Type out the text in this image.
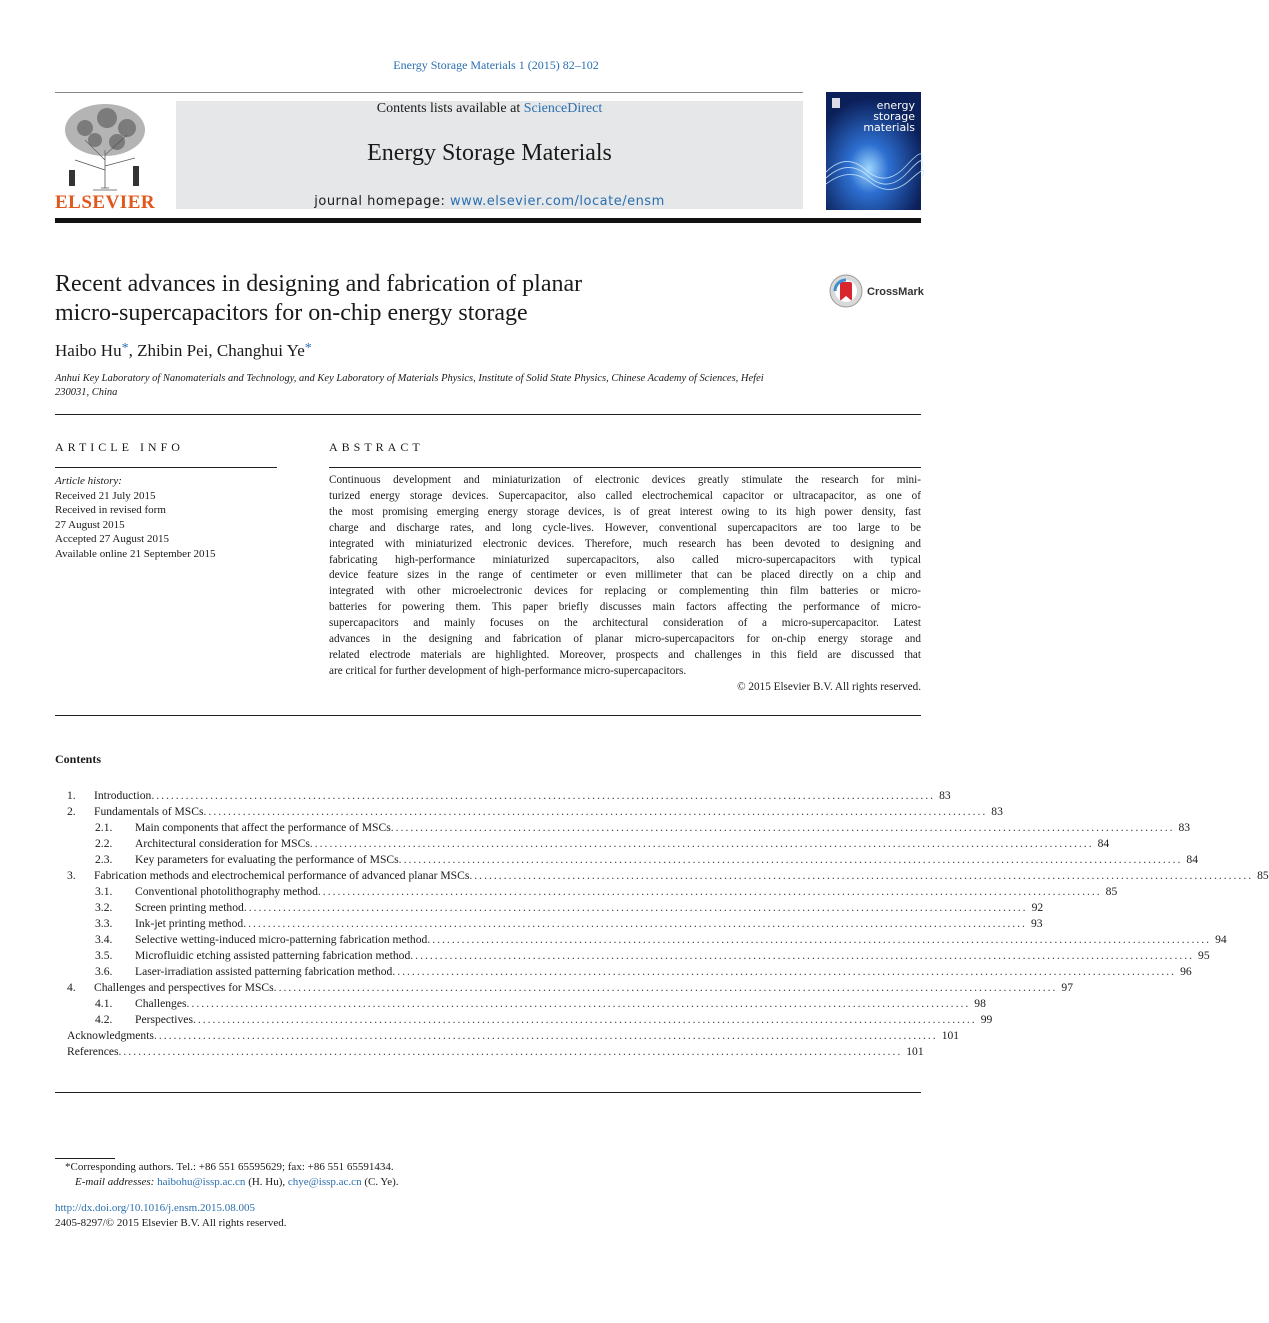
Energy Storage Materials 1 (2015) 82–102
ELSEVIER
Contents lists available at ScienceDirect
Energy Storage Materials
journal homepage: www.elsevier.com/locate/ensm
energy
storage
materials
Recent advances in designing and fabrication of planar
micro-supercapacitors for on-chip energy storage
CrossMark
Haibo Hu*, Zhibin Pei, Changhui Ye*
Anhui Key Laboratory of Nanomaterials and Technology, and Key Laboratory of Materials Physics, Institute of Solid State Physics, Chinese Academy of Sciences, Hefei 230031, China
ARTICLE INFO
Article history:
Received 21 July 2015
Received in revised form
27 August 2015
Accepted 27 August 2015
Available online 21 September 2015
ABSTRACT
Continuous development and miniaturization of electronic devices greatly stimulate the research for mini-
turized energy storage devices. Supercapacitor, also called electrochemical capacitor or ultracapacitor, as one of
the most promising emerging energy storage devices, is of great interest owing to its high power density, fast
charge and discharge rates, and long cycle-lives. However, conventional supercapacitors are too large to be
integrated with miniaturized electronic devices. Therefore, much research has been devoted to designing and
fabricating high-performance miniaturized supercapacitors, also called micro-supercapacitors with typical
device feature sizes in the range of centimeter or even millimeter that can be placed directly on a chip and
integrated with other microelectronic devices for replacing or complementing thin film batteries or micro-
batteries for powering them. This paper briefly discusses main factors affecting the performance of micro-
supercapacitors and mainly focuses on the architectural consideration of a micro-supercapacitor. Latest
advances in the designing and fabrication of planar micro-supercapacitors for on-chip energy storage and
related electrode materials are highlighted. Moreover, prospects and challenges in this field are discussed that
are critical for further development of high-performance micro-supercapacitors.
© 2015 Elsevier B.V. All rights reserved.
Contents
1. Introduction ................................................................................................................................................................ 83
2. Fundamentals of MSCs ................................................................................................................................................................ 83
2.1. Main components that affect the performance of MSCs ................................................................................................................................................................ 83
2.2. Architectural consideration for MSCs ................................................................................................................................................................ 84
2.3. Key parameters for evaluating the performance of MSCs ................................................................................................................................................................ 84
3. Fabrication methods and electrochemical performance of advanced planar MSCs ................................................................................................................................................................ 85
3.1. Conventional photolithography method ................................................................................................................................................................ 85
3.2. Screen printing method ................................................................................................................................................................ 92
3.3. Ink-jet printing method ................................................................................................................................................................ 93
3.4. Selective wetting-induced micro-patterning fabrication method ................................................................................................................................................................ 94
3.5. Microfluidic etching assisted patterning fabrication method ................................................................................................................................................................ 95
3.6. Laser-irradiation assisted patterning fabrication method ................................................................................................................................................................ 96
4. Challenges and perspectives for MSCs ................................................................................................................................................................ 97
4.1. Challenges ................................................................................................................................................................ 98
4.2. Perspectives ................................................................................................................................................................ 99
Acknowledgments ................................................................................................................................................................ 101
References ................................................................................................................................................................ 101
*Corresponding authors. Tel.: +86 551 65595629; fax: +86 551 65591434.
E-mail addresses: haibohu@issp.ac.cn (H. Hu), chye@issp.ac.cn (C. Ye).
http://dx.doi.org/10.1016/j.ensm.2015.08.005
2405-8297/© 2015 Elsevier B.V. All rights reserved.
